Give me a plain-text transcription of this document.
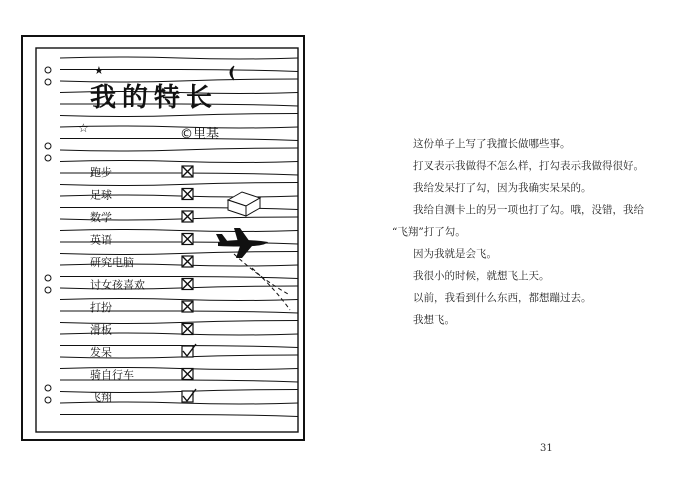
★
☆
我的特长
©里基
跑步
足球
数学
英语
研究电脑
讨女孩喜欢
打扮
滑板
发呆
骑自行车
飞翔

这份单子上写了我擅长做哪些事。

打叉表示我做得不怎么样，打勾表示我做得很好。

我给发呆打了勾，因为我确实呆呆的。

我给自测卡上的另一项也打了勾。哦，没错，我给

“飞翔”打了勾。

因为我就是会飞。

我很小的时候，就想飞上天。

以前，我看到什么东西，都想蹦过去。

我想飞。

31
